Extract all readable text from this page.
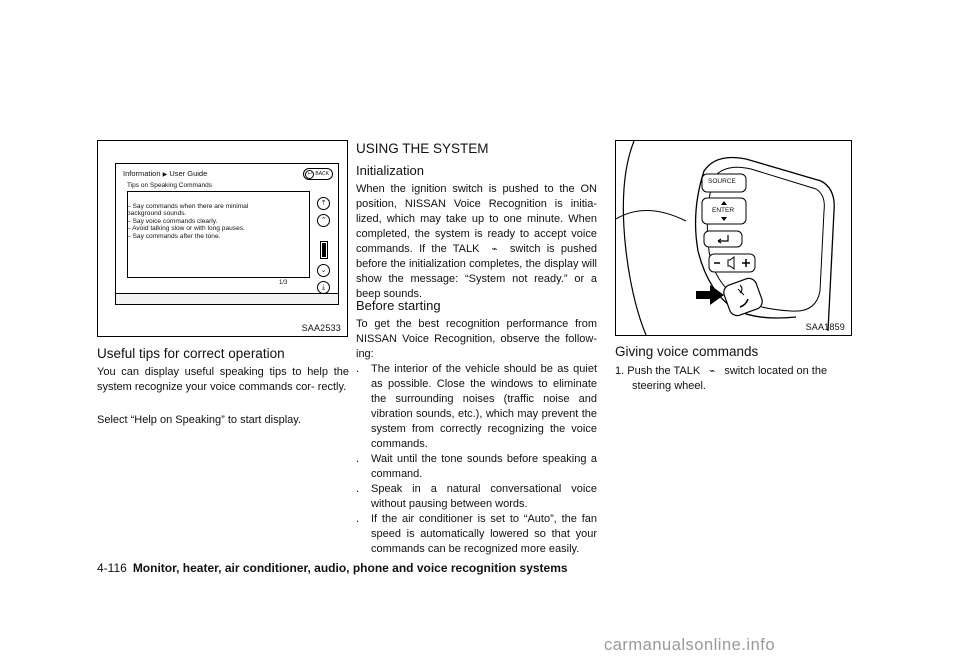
Information ▶ User Guide	↩ BACK
Tips on Speaking Commands
– Say commands when there are minimal
background sounds.
– Say voice commands clearly.
– Avoid talking slow or with long pauses.
– Say commands after the tone.
⤒
⌃
⌄
⤓
1/3
SAA2533
Useful tips for correct operation
You can display useful speaking tips to help the system recognize your voice commands cor- rectly.
Select “Help on Speaking” to start display.
USING THE SYSTEM
Initialization
When the ignition switch is pushed to the ON position, NISSAN Voice Recognition is initia- lized, which may take up to one minute. When completed, the system is ready to accept voice commands. If the TALK ⌁ switch is pushed before the initialization completes, the display will show the message: “System not ready.” or a beep sounds.
Before starting
To get the best recognition performance from NISSAN Voice Recognition, observe the follow- ing:
. The interior of the vehicle should be as quiet as possible. Close the windows to eliminate the surrounding noises (traffic noise and vibration sounds, etc.), which may prevent the system from correctly recognizing the voice commands.
. Wait until the tone sounds before speaking a command.
. Speak in a natural conversational voice without pausing between words.
. If the air conditioner is set to “Auto”, the fan speed is automatically lowered so that your commands can be recognized more easily.
SOURCE
ENTER
SAA1859
Giving voice commands
1. Push the TALK ⌁ switch located on the
steering wheel.
4-116 Monitor, heater, air conditioner, audio, phone and voice recognition systems
carmanualsonline.info
